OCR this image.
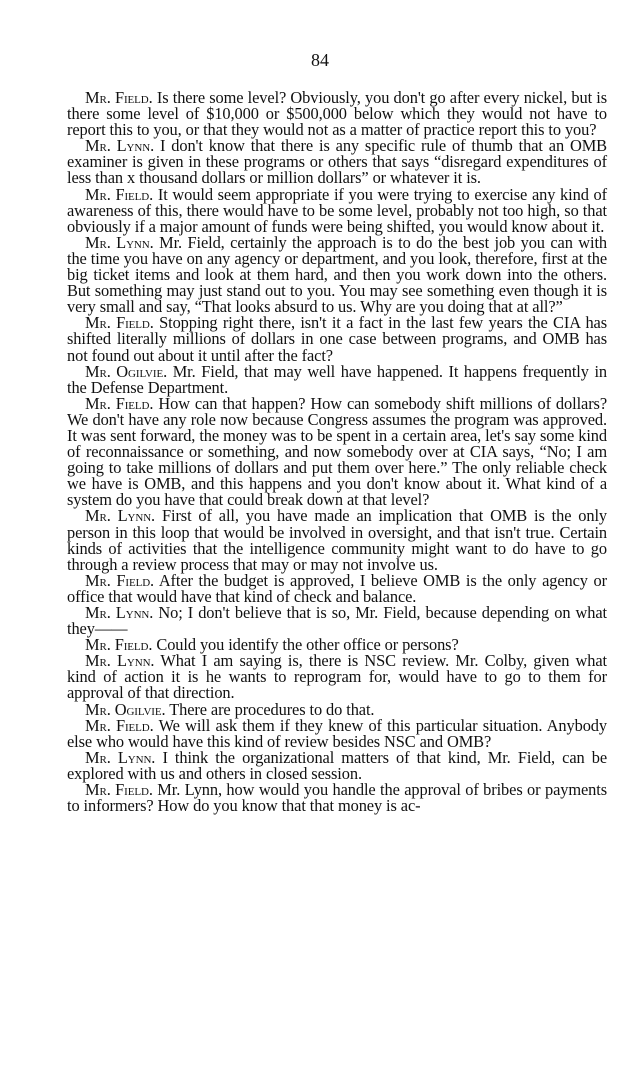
84

Mr. Field. Is there some level? Obviously, you don't go after every nickel, but is there some level of $10,000 or $500,000 below which they would not have to report this to you, or that they would not as a matter of practice report this to you?

Mr. Lynn. I don't know that there is any specific rule of thumb that an OMB examiner is given in these programs or others that says “disregard expenditures of less than x thousand dollars or million dollars” or whatever it is.

Mr. Field. It would seem appropriate if you were trying to exercise any kind of awareness of this, there would have to be some level, probably not too high, so that obviously if a major amount of funds were being shifted, you would know about it.

Mr. Lynn. Mr. Field, certainly the approach is to do the best job you can with the time you have on any agency or department, and you look, therefore, first at the big ticket items and look at them hard, and then you work down into the others. But something may just stand out to you. You may see something even though it is very small and say, “That looks absurd to us. Why are you doing that at all?”

Mr. Field. Stopping right there, isn't it a fact in the last few years the CIA has shifted literally millions of dollars in one case between programs, and OMB has not found out about it until after the fact?

Mr. Ogilvie. Mr. Field, that may well have happened. It happens frequently in the Defense Department.

Mr. Field. How can that happen? How can somebody shift millions of dollars? We don't have any role now because Congress assumes the program was approved. It was sent forward, the money was to be spent in a certain area, let's say some kind of reconnaissance or something, and now somebody over at CIA says, “No; I am going to take millions of dollars and put them over here.” The only reliable check we have is OMB, and this happens and you don't know about it. What kind of a system do you have that could break down at that level?

Mr. Lynn. First of all, you have made an implication that OMB is the only person in this loop that would be involved in oversight, and that isn't true. Certain kinds of activities that the intelligence community might want to do have to go through a review process that may or may not involve us.

Mr. Field. After the budget is approved, I believe OMB is the only agency or office that would have that kind of check and balance.

Mr. Lynn. No; I don't believe that is so, Mr. Field, because depending on what they——

Mr. Field. Could you identify the other office or persons?

Mr. Lynn. What I am saying is, there is NSC review. Mr. Colby, given what kind of action it is he wants to reprogram for, would have to go to them for approval of that direction.

Mr. Ogilvie. There are procedures to do that.

Mr. Field. We will ask them if they knew of this particular situation. Anybody else who would have this kind of review besides NSC and OMB?

Mr. Lynn. I think the organizational matters of that kind, Mr. Field, can be explored with us and others in closed session.

Mr. Field. Mr. Lynn, how would you handle the approval of bribes or payments to informers? How do you know that that money is ac-
